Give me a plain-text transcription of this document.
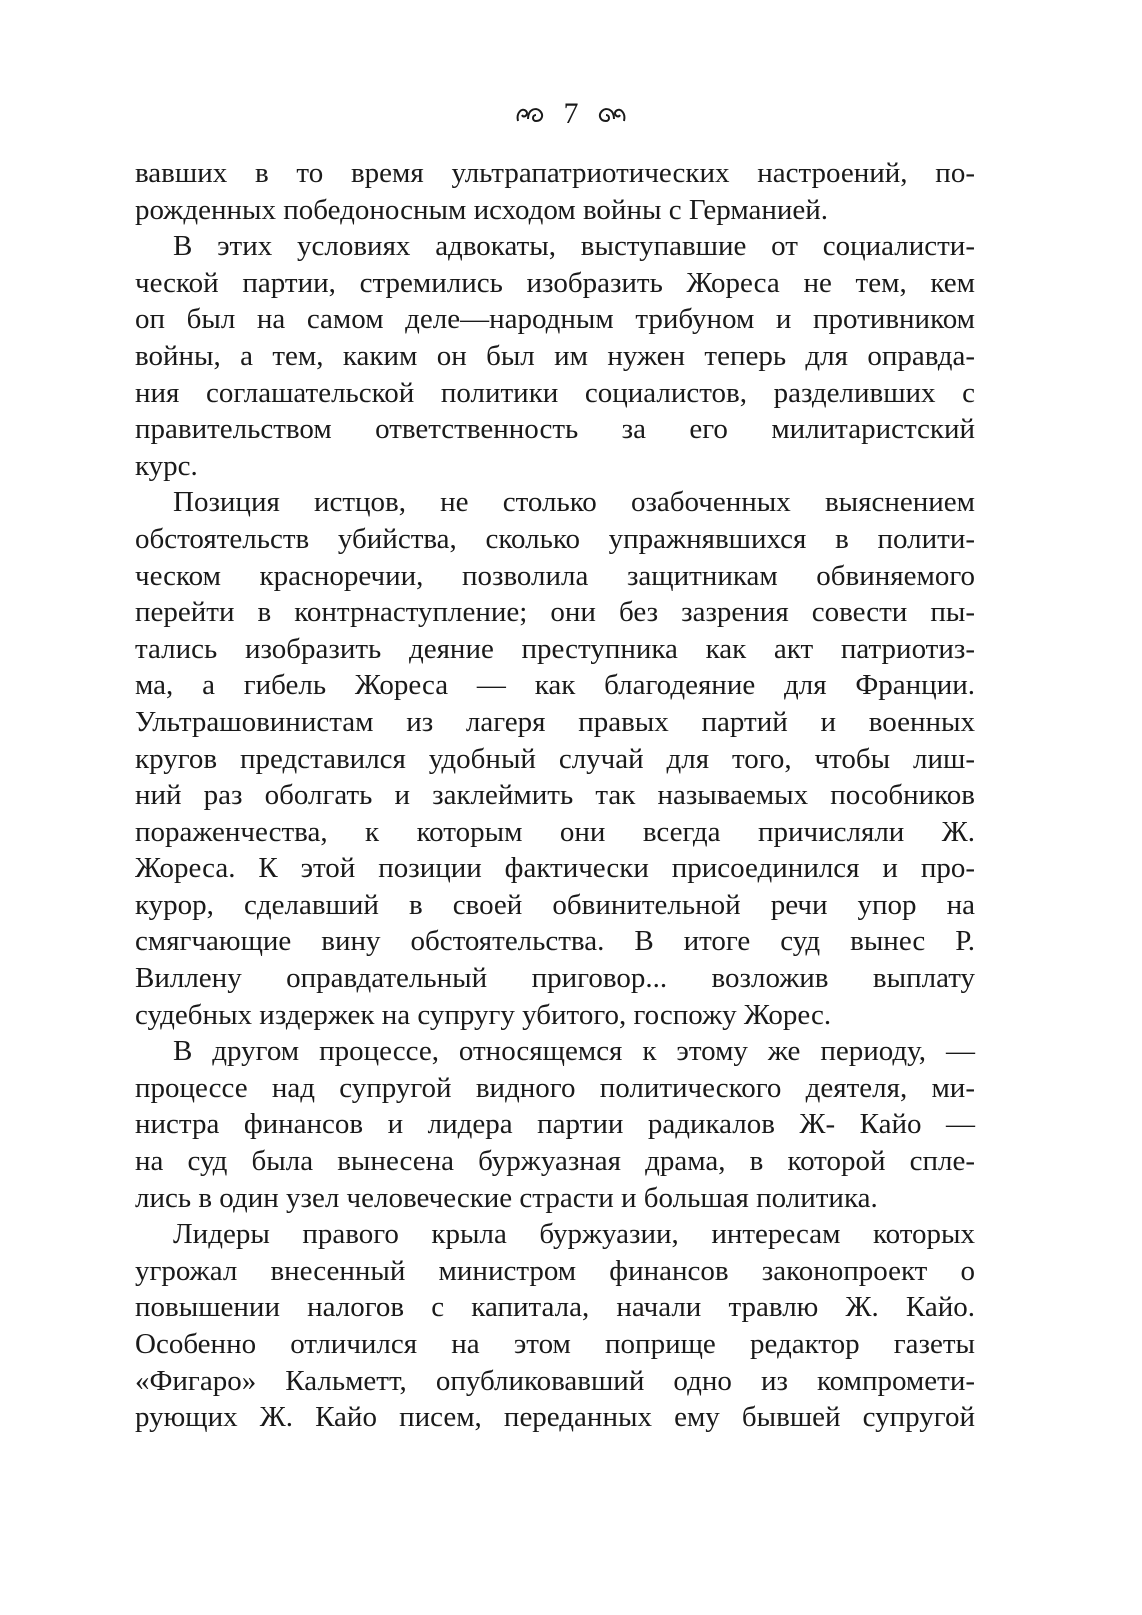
7
вавших в то время ультрапатриотических настроений, по-
рожденных победоносным исходом войны с Германией.
В этих условиях адвокаты, выступавшие от социалисти-
ческой партии, стремились изобразить Жореса не тем, кем
оп был на самом деле—народным трибуном и противником
войны, а тем, каким он был им нужен теперь для оправда-
ния соглашательской политики социалистов, разделивших с
правительством ответственность за его милитаристский
курс.
Позиция истцов, не столько озабоченных выяснением
обстоятельств убийства, сколько упражнявшихся в полити-
ческом красноречии, позволила защитникам обвиняемого
перейти в контрнаступление; они без зазрения совести пы-
тались изобразить деяние преступника как акт патриотиз-
ма, а гибель Жореса — как благодеяние для Франции.
Ультрашовинистам из лагеря правых партий и военных
кругов представился удобный случай для того, чтобы лиш-
ний раз оболгать и заклеймить так называемых пособников
пораженчества, к которым они всегда причисляли Ж.
Жореса. К этой позиции фактически присоединился и про-
курор, сделавший в своей обвинительной речи упор на
смягчающие вину обстоятельства. В итоге суд вынес Р.
Виллену оправдательный приговор... возложив выплату
судебных издержек на супругу убитого, госпожу Жорес.
В другом процессе, относящемся к этому же периоду, —
процессе над супругой видного политического деятеля, ми-
нистра финансов и лидера партии радикалов Ж- Кайо —
на суд была вынесена буржуазная драма, в которой спле-
лись в один узел человеческие страсти и большая политика.
Лидеры правого крыла буржуазии, интересам которых
угрожал внесенный министром финансов законопроект о
повышении налогов с капитала, начали травлю Ж. Кайо.
Особенно отличился на этом поприще редактор газеты
«Фигаро» Кальметт, опубликовавший одно из компромети-
рующих Ж. Кайо писем, переданных ему бывшей супругой
